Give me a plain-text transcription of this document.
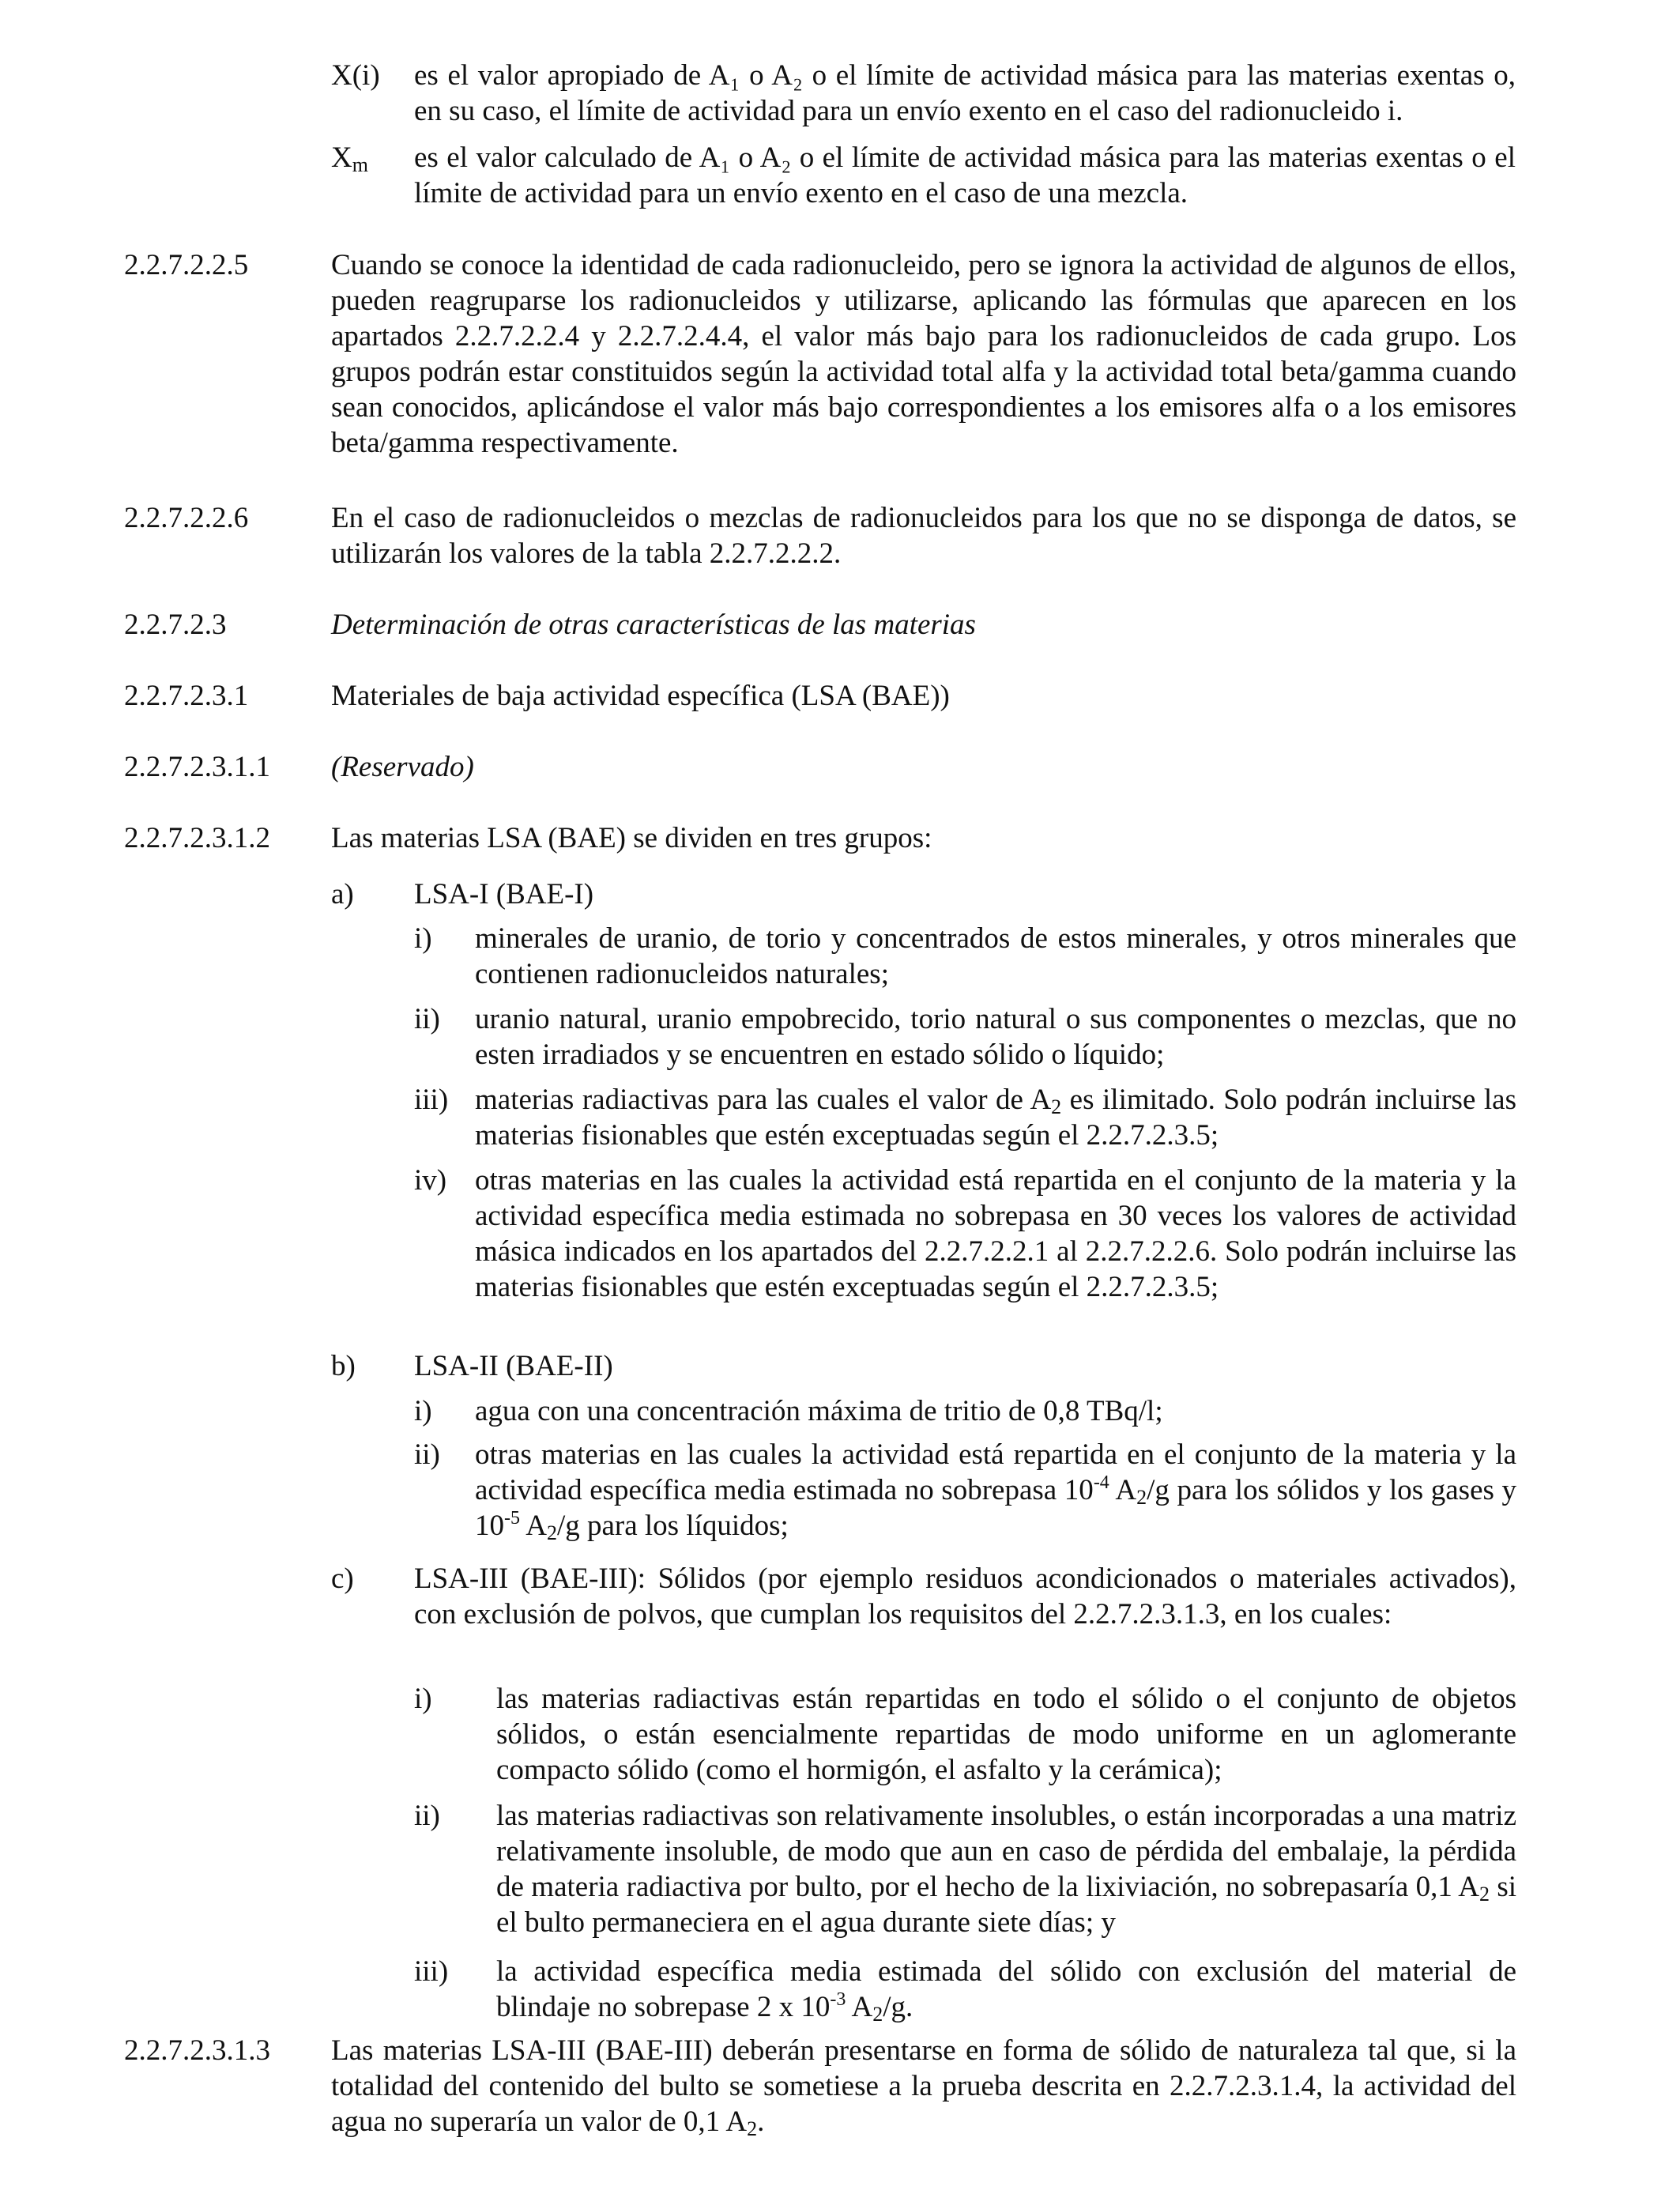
X(i) es el valor apropiado de A₁ o A₂ o el límite de actividad másica para las materias exentas o, en su caso, el límite de actividad para un envío exento en el caso del radionucleido i.
$X_m$ es el valor calculado de A₁ o A₂ o el límite de actividad másica para las materias exentas o el límite de actividad para un envío exento en el caso de una mezcla.
2.2.7.2.2.5	Cuando se conoce la identidad de cada radionucleido, pero se ignora la actividad de algunos de ellos, pueden reagruparse los radionucleidos y utilizarse, aplicando las fórmulas que aparecen en los apartados 2.2.7.2.2.4 y 2.2.7.2.4.4, el valor más bajo para los radionucleidos de cada grupo. Los grupos podrán estar constituidos según la actividad total alfa y la actividad total beta/gamma cuando sean conocidos, aplicándose el valor más bajo correspondientes a los emisores alfa o a los emisores beta/gamma respectivamente.
2.2.7.2.2.6	En el caso de radionucleidos o mezclas de radionucleidos para los que no se disponga de datos, se utilizarán los valores de la tabla 2.2.7.2.2.2.
2.2.7.2.3	Determinación de otras características de las materias
2.2.7.2.3.1	Materiales de baja actividad específica (LSA (BAE))
2.2.7.2.3.1.1	(Reservado)
2.2.7.2.3.1.2	Las materias LSA (BAE) se dividen en tres grupos:
a) LSA-I (BAE-I)
i) minerales de uranio, de torio y concentrados de estos minerales, y otros minerales que contienen radionucleidos naturales;
ii) uranio natural, uranio empobrecido, torio natural o sus componentes o mezclas, que no esten irradiados y se encuentren en estado sólido o líquido;
iii) materias radiactivas para las cuales el valor de $A_2$ es ilimitado. Solo podrán incluirse las materias fisionables que estén exceptuadas según el 2.2.7.2.3.5;
iv) otras materias en las cuales la actividad está repartida en el conjunto de la materia y la actividad específica media estimada no sobrepasa en 30 veces los valores de actividad másica indicados en los apartados del 2.2.7.2.2.1 al 2.2.7.2.2.6. Solo podrán incluirse las materias fisionables que estén exceptuadas según el 2.2.7.2.3.5;
b) LSA-II (BAE-II)
i) agua con una concentración máxima de tritio de 0,8 TBq/l;
ii) otras materias en las cuales la actividad está repartida en el conjunto de la materia y la actividad específica media estimada no sobrepasa $10^{-4}$ $A_2/g$ para los sólidos y los gases y $10^{-5}$ $A_2/g$ para los líquidos;
c) LSA-III (BAE-III): Sólidos (por ejemplo residuos acondicionados o materiales activados), con exclusión de polvos, que cumplan los requisitos del 2.2.7.2.3.1.3, en los cuales:
i) las materias radiactivas están repartidas en todo el sólido o el conjunto de objetos sólidos, o están esencialmente repartidas de modo uniforme en un aglomerante compacto sólido (como el hormigón, el asfalto y la cerámica);
ii) las materias radiactivas son relativamente insolubles, o están incorporadas a una matriz relativamente insoluble, de modo que aun en caso de pérdida del embalaje, la pérdida de materia radiactiva por bulto, por el hecho de la lixiviación, no sobrepasaría 0,1 $A_2$ si el bulto permaneciera en el agua durante siete días; y
iii) la actividad específica media estimada del sólido con exclusión del material de blindaje no sobrepase 2 x $10^{-3}$ $A_2/g$.
2.2.7.2.3.1.3	Las materias LSA-III (BAE-III) deberán presentarse en forma de sólido de naturaleza tal que, si la totalidad del contenido del bulto se sometiese a la prueba descrita en 2.2.7.2.3.1.4, la actividad del agua no superaría un valor de 0,1 $A_2$.
